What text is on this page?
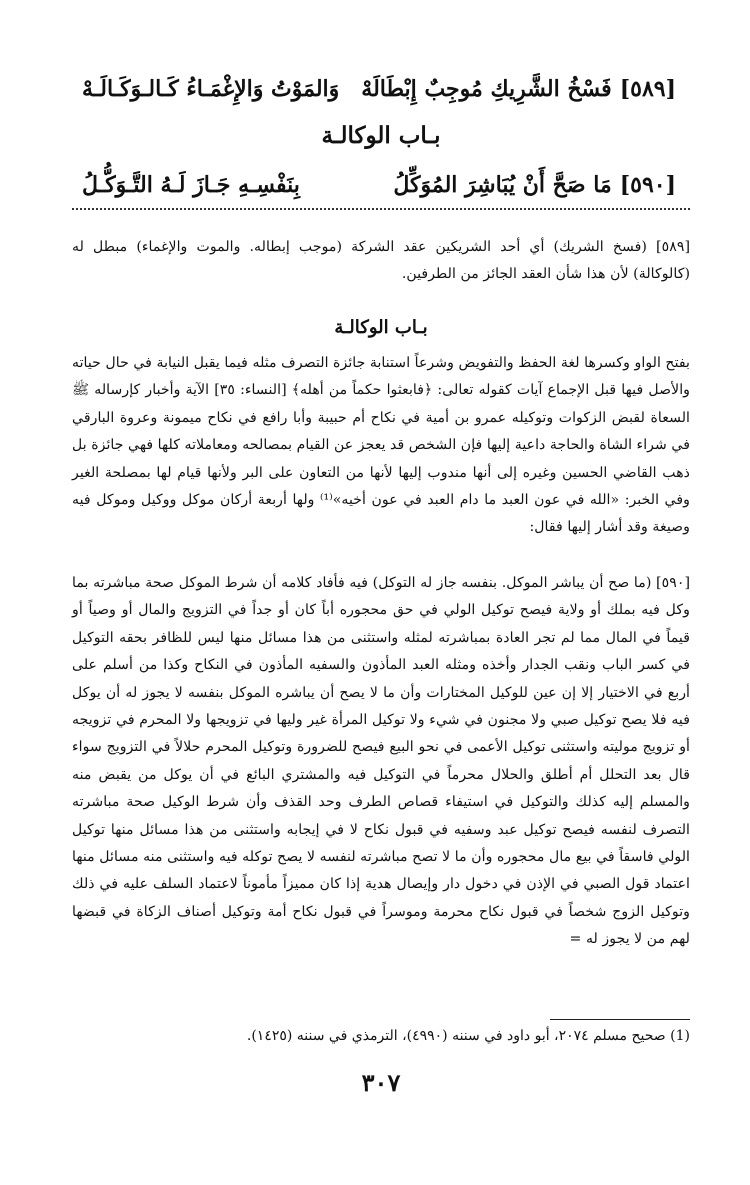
[٥٨٩]فَسْخُ الشَّرِيكِ مُوجِبٌ إِبْطَالَهْ
وَالمَوْتُ وَالإِغْمَـاءُ كَـالـوَكَـالَـهْ
بـاب الوكالـة
[٥٩٠]مَا صَحَّ أَنْ يُبَاشِرَ المُوَكِّلُ
بِنَفْسِـهِ جَـازَ لَـهُ التَّـوَكُّـلُ
[٥٨٩] (فسخ الشريك) أي أحد الشريكين عقد الشركة (موجب إبطاله. والموت والإغماء) مبطل له (كالوكالة) لأن هذا شأن العقد الجائز من الطرفين.
بـاب الوكالـة
بفتح الواو وكسرها لغة الحفظ والتفويض وشرعاً استنابة جائزة التصرف مثله فيما يقبل النيابة في حال حياته والأصل فيها قبل الإجماع آيات كقوله تعالى: ﴿فابعثوا حكماً من أهله﴾ [النساء: ٣٥] الآية وأخبار كإرساله ﷺ السعاة لقبض الزكوات وتوكيله عمرو بن أمية في نكاح أم حبيبة وأبا رافع في نكاح ميمونة وعروة البارقي في شراء الشاة والحاجة داعية إليها فإن الشخص قد يعجز عن القيام بمصالحه ومعاملاته كلها فهي جائزة بل ذهب القاضي الحسين وغيره إلى أنها مندوب إليها لأنها من التعاون على البر ولأنها قيام لها بمصلحة الغير وفي الخبر: «الله في عون العبد ما دام العبد في عون أخيه»⁽¹⁾ ولها أربعة أركان موكل ووكيل وموكل فيه وصيغة وقد أشار إليها فقال:
[٥٩٠] (ما صح أن يباشر الموكل. بنفسه جاز له التوكل) فيه فأفاد كلامه أن شرط الموكل صحة مباشرته بما وكل فيه بملك أو ولاية فيصح توكيل الولي في حق محجوره أباً كان أو جداً في التزويج والمال أو وصياً أو قيماً في المال مما لم تجر العادة بمباشرته لمثله واستثنى من هذا مسائل منها ليس للظافر بحقه التوكيل في كسر الباب ونقب الجدار وأخذه ومثله العبد المأذون والسفيه المأذون في النكاح وكذا من أسلم على أربع في الاختيار إلا إن عين للوكيل المختارات وأن ما لا يصح أن يباشره الموكل بنفسه لا يجوز له أن يوكل فيه فلا يصح توكيل صبي ولا مجنون في شيء ولا توكيل المرأة غير وليها في تزويجها ولا المحرم في تزويجه أو تزويج موليته واستثنى توكيل الأعمى في نحو البيع فيصح للضرورة وتوكيل المحرم حلالاً في التزويج سواء قال بعد التحلل أم أطلق والحلال محرماً في التوكيل فيه والمشتري البائع في أن يوكل من يقبض منه والمسلم إليه كذلك والتوكيل في استيفاء قصاص الطرف وحد القذف وأن شرط الوكيل صحة مباشرته التصرف لنفسه فيصح توكيل عبد وسفيه في قبول نكاح لا في إيجابه واستثنى من هذا مسائل منها توكيل الولي فاسقاً في بيع مال محجوره وأن ما لا تصح مباشرته لنفسه لا يصح توكله فيه واستثنى منه مسائل منها اعتماد قول الصبي في الإذن في دخول دار وإيصال هدية إذا كان مميزاً مأموناً لاعتماد السلف عليه في ذلك وتوكيل الزوج شخصاً في قبول نكاح محرمة وموسراً في قبول نكاح أمة وتوكيل أصناف الزكاة في قبضها لهم من لا يجوز له =
(1) صحيح مسلم ٢٠٧٤، أبو داود في سننه (٤٩٩٠)، الترمذي في سننه (١٤٢٥).
٣٠٧
